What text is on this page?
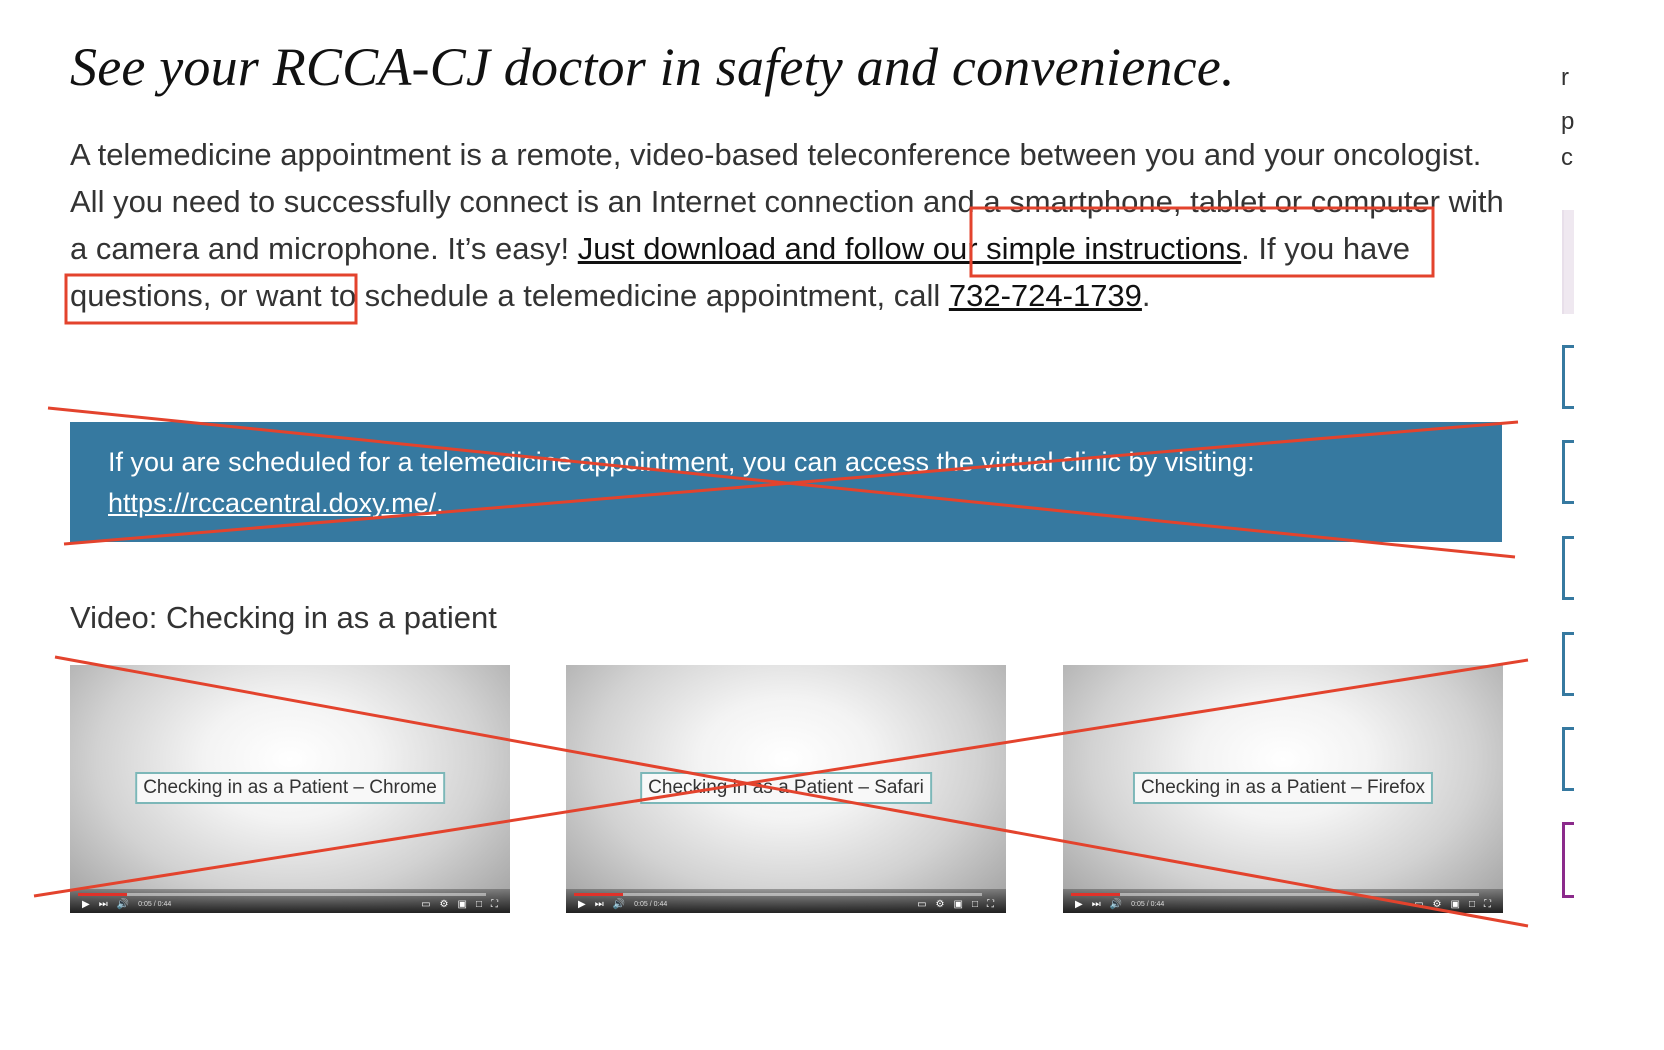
See your RCCA-CJ doctor in safety and convenience.

A telemedicine appointment is a remote, video-based teleconference between you and your oncologist. All you need to successfully connect is an Internet connection and a smartphone, tablet or computer with a camera and microphone. It’s easy! Just download and follow our simple instructions. If you have questions, or want to schedule a telemedicine appointment, call 732-724-1739.

If you are scheduled for a telemedicine appointment, you can access the virtual clinic by visiting: https://rccacentral.doxy.me/.
Video: Checking in as a patient
Checking in as a Patient – Chrome
▶ ⏭ 🔊 0:05 / 0:44	▭ ⚙ ▣ □ ⛶
Checking in as a Patient – Safari
▶ ⏭ 🔊 0:05 / 0:44	▭ ⚙ ▣ □ ⛶
Checking in as a Patient – Firefox
▶ ⏭ 🔊 0:05 / 0:44	▭ ⚙ ▣ □ ⛶
r
p
c
